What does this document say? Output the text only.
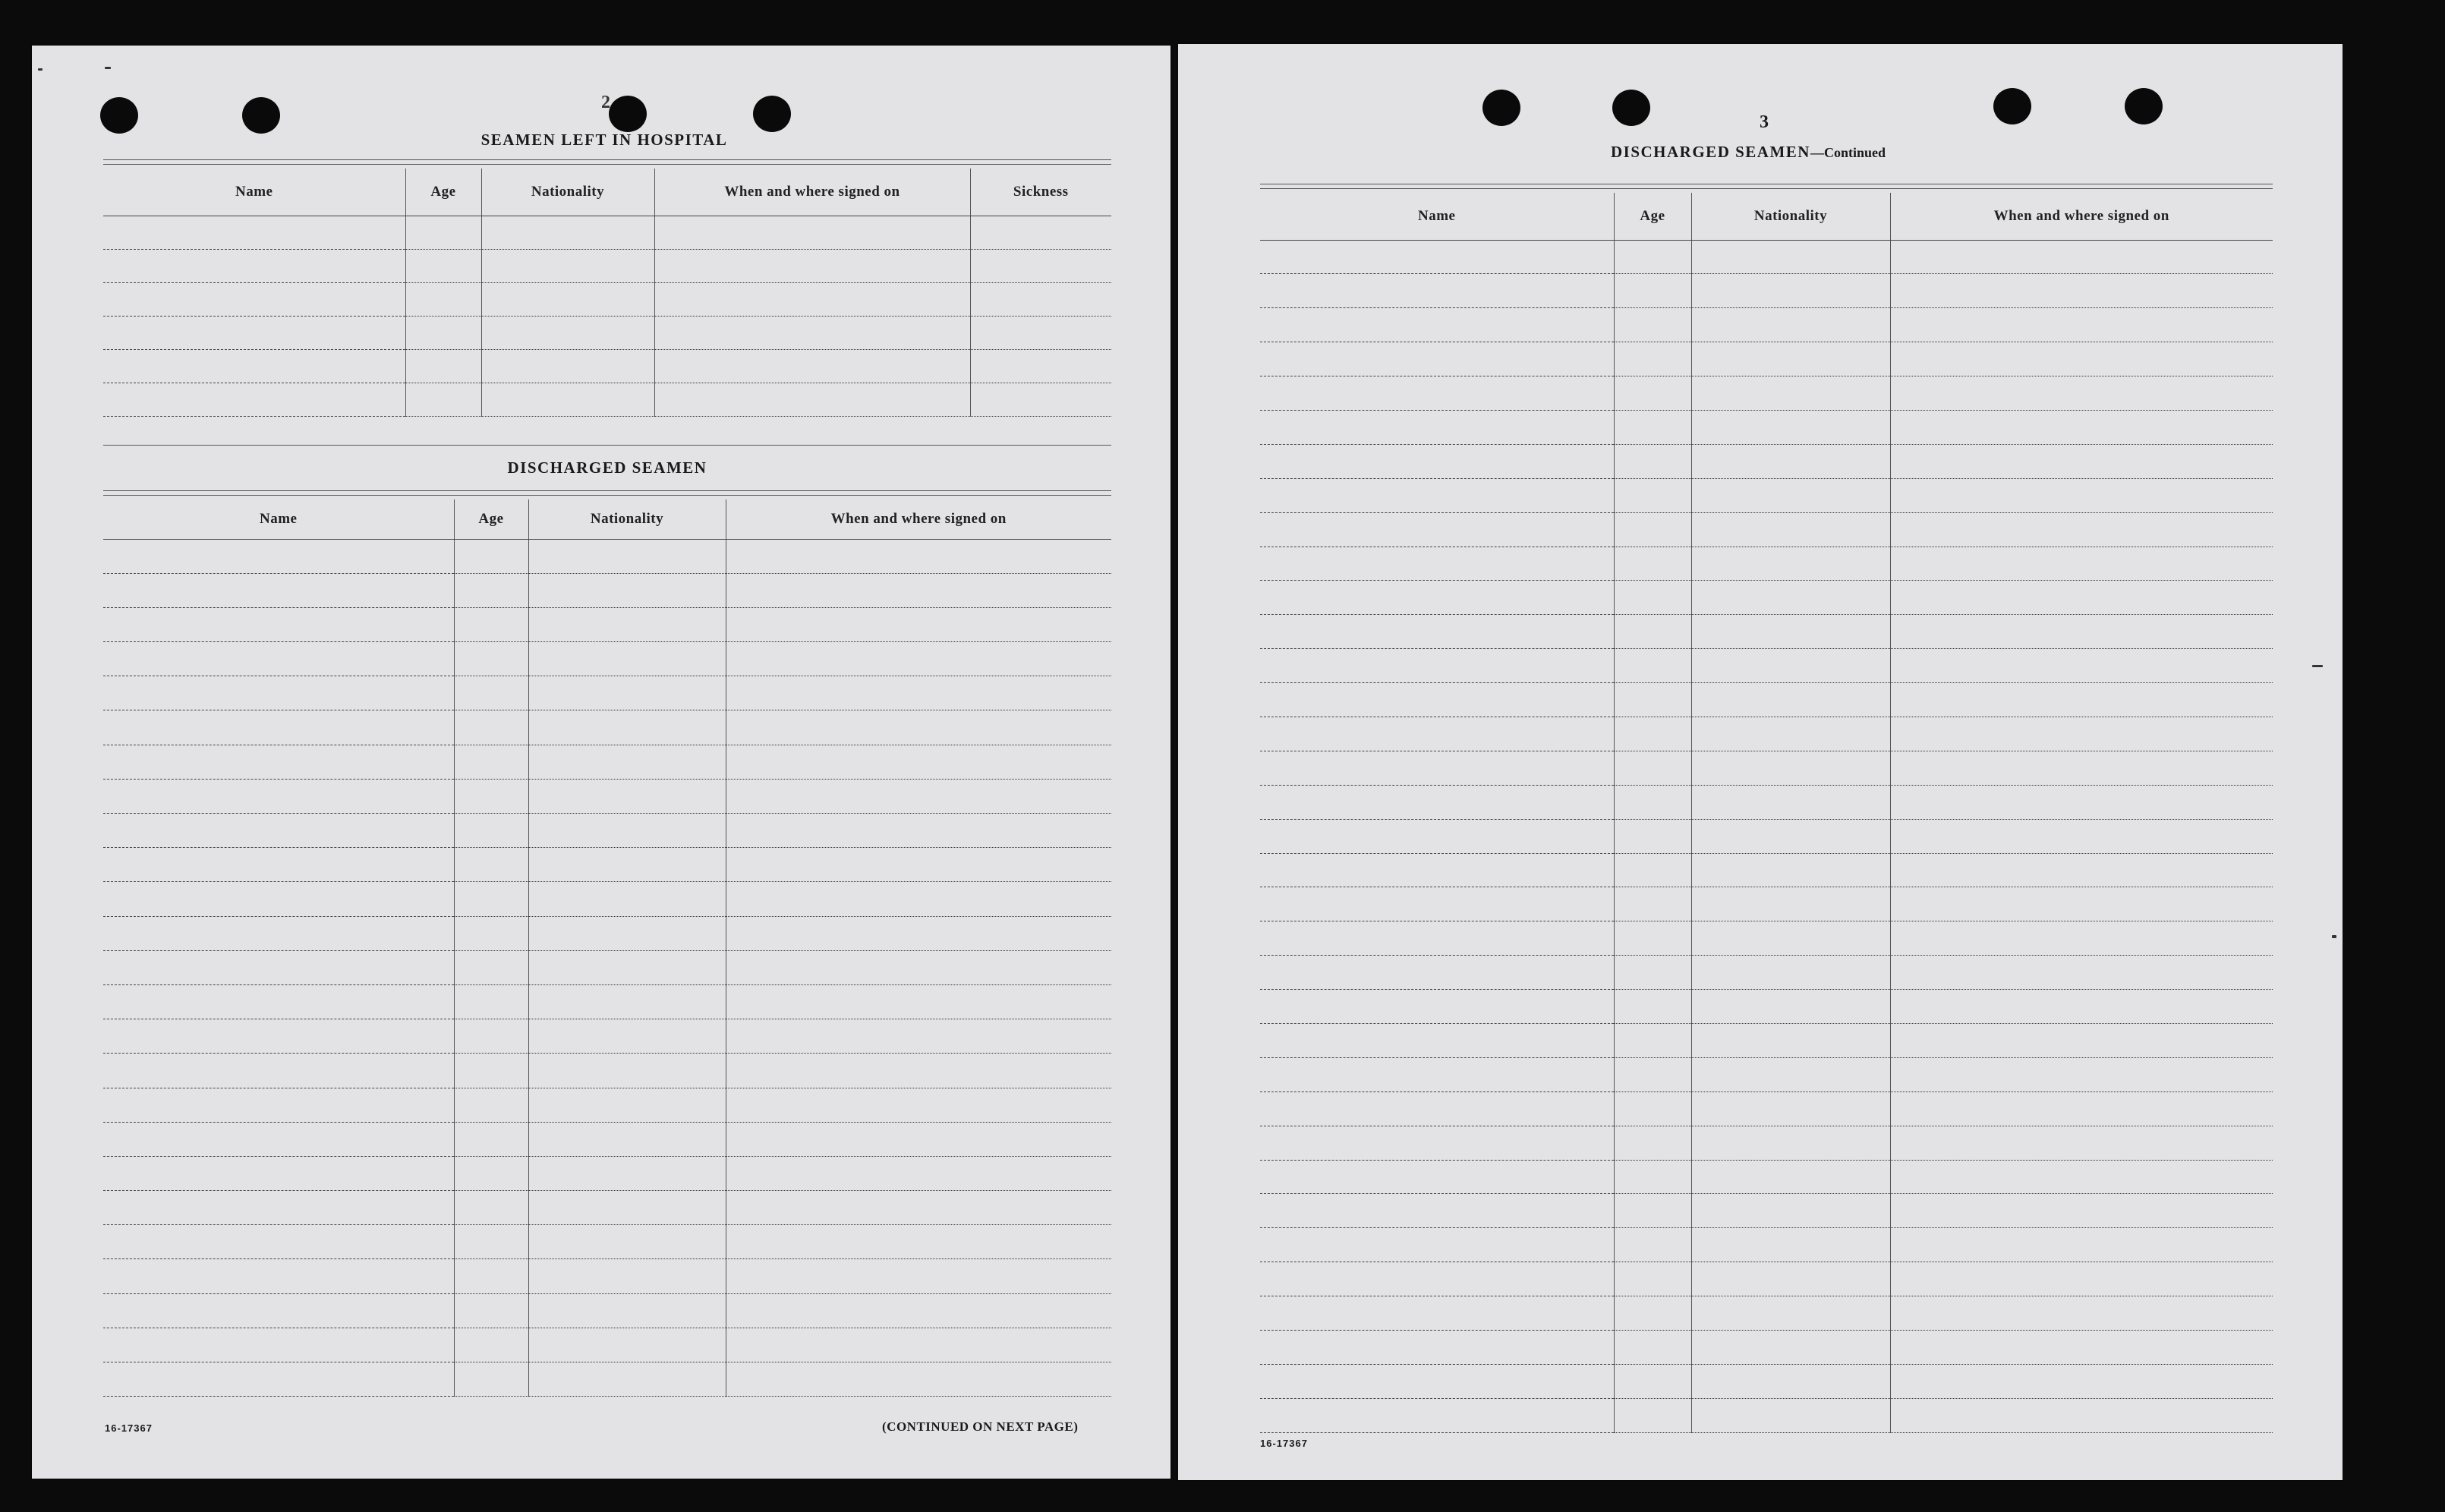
2
SEAMEN LEFT IN HOSPITAL
Name	Age	Nationality	When and where signed on	Sickness

DISCHARGED SEAMEN
Name	Age	Nationality	When and where signed on

16-17367	(CONTINUED ON NEXT PAGE)
3
DISCHARGED SEAMEN—Continued
Name	Age	Nationality	When and where signed on

16-17367
